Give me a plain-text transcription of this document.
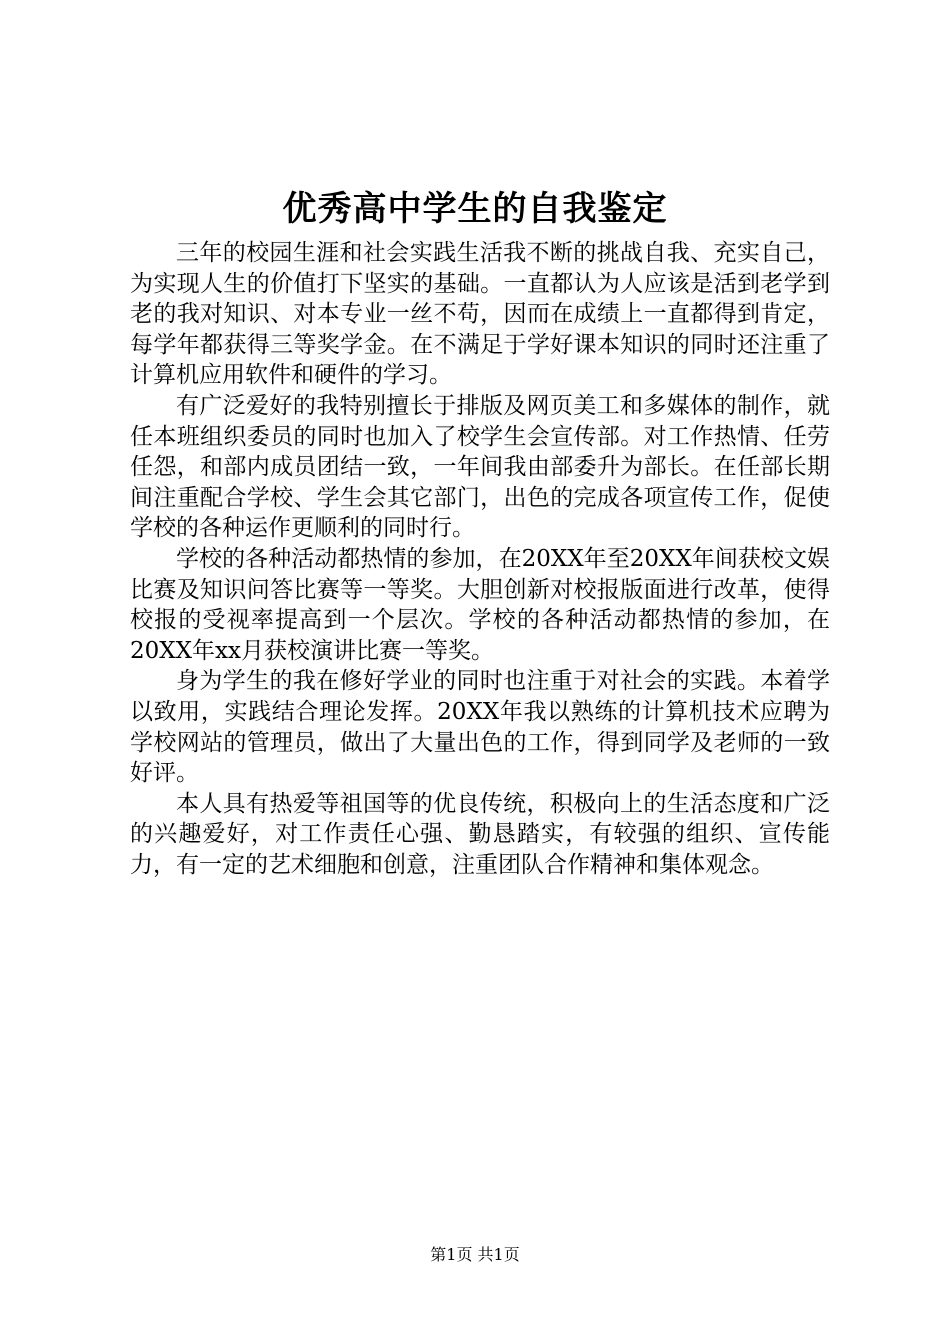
优秀高中学生的自我鉴定

三年的校园生涯和社会实践生活我不断的挑战自我、充实自己，为实现人生的价值打下坚实的基础。一直都认为人应该是活到老学到老的我对知识、对本专业一丝不苟，因而在成绩上一直都得到肯定，每学年都获得三等奖学金。在不满足于学好课本知识的同时还注重了计算机应用软件和硬件的学习。

有广泛爱好的我特别擅长于排版及网页美工和多媒体的制作，就任本班组织委员的同时也加入了校学生会宣传部。对工作热情、任劳任怨，和部内成员团结一致，一年间我由部委升为部长。在任部长期间注重配合学校、学生会其它部门，出色的完成各项宣传工作，促使学校的各种运作更顺利的同时行。

学校的各种活动都热情的参加，在20XX年至20XX年间获校文娱比赛及知识问答比赛等一等奖。大胆创新对校报版面进行改革，使得校报的受视率提高到一个层次。学校的各种活动都热情的参加，在20XX年xx月获校演讲比赛一等奖。

身为学生的我在修好学业的同时也注重于对社会的实践。本着学以致用，实践结合理论发挥。20XX年我以熟练的计算机技术应聘为学校网站的管理员，做出了大量出色的工作，得到同学及老师的一致好评。

本人具有热爱等祖国等的优良传统，积极向上的生活态度和广泛的兴趣爱好，对工作责任心强、勤恳踏实，有较强的组织、宣传能力，有一定的艺术细胞和创意，注重团队合作精神和集体观念。

第1页 共1页
